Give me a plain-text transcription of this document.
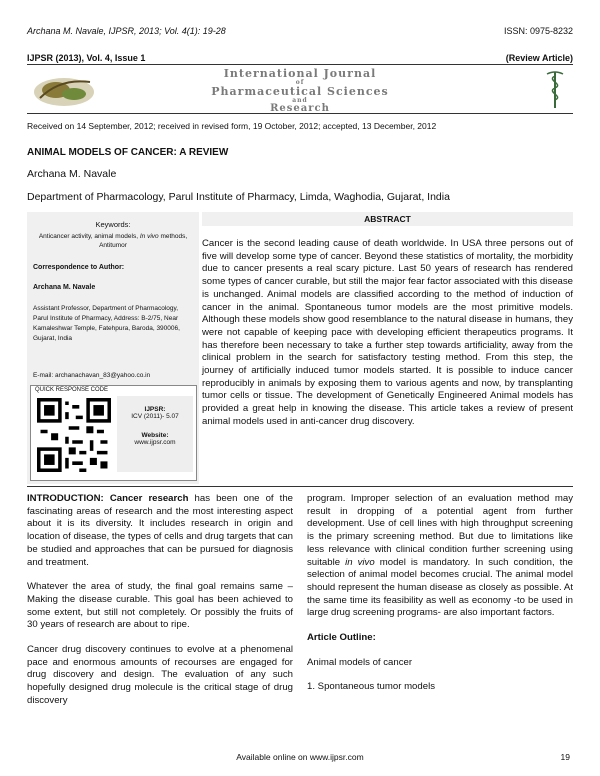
Archana M. Navale, IJPSR, 2013; Vol. 4(1): 19-28	ISSN: 0975-8232
IJPSR (2013), Vol. 4, Issue 1	(Review Article)
International Journal
of
Pharmaceutical Sciences
and
Research
Received on 14 September, 2012; received in revised form, 19 October, 2012; accepted, 13 December, 2012
ANIMAL MODELS OF CANCER: A REVIEW
Archana M. Navale
Department of Pharmacology, Parul Institute of Pharmacy, Limda, Waghodia, Gujarat, India
Keywords:
Anticancer activity, animal models, In vivo methods, Antitumor
Correspondence to Author:
Archana M. Navale
Assistant Professor, Department of Pharmacology, Parul Institute of Pharmacy, Address: B-2/75, Near Kamaleshwar Temple, Fatehpura, Baroda, 390006, Gujarat, India
E-mail: archanachavan_83@yahoo.co.in
QUICK RESPONSE CODE
IJPSR:
ICV (2011)- 5.07
Website:
www.ijpsr.com
ABSTRACT
Cancer is the second leading cause of death worldwide. In USA three persons out of five will develop some type of cancer. Beyond these statistics of mortality, the morbidity due to cancer presents a real scary picture. Last 50 years of research has rendered some types of cancer curable, but still the major fear factor associated with this disease is unchanged. Animal models are classified according to the method of induction of cancer in the animal. Spontaneous tumor models are the most primitive models. Although these models show good resemblance to the natural disease in humans, they were not capable of keeping pace with developing efficient therapeutics programs. It has therefore been necessary to take a further step towards artificiality, away from the clinical problem in the search for satisfactory testing method. From this step, the journey of artificially induced tumor models started. It is possible to induce cancer reproducibly in animals by exposing them to various agents and now, by transplanting tumor cells or tissue. The development of Genetically Engineered Animal models has provided a great help in knowing the disease. This article takes a review of present animal models used in anti-cancer drug discovery.

INTRODUCTION: Cancer research has been one of the fascinating areas of research and the most interesting aspect about it is its diversity. It includes research in origin and location of disease, the types of cells and drug targets that can be studied and approaches that can be pursued for diagnosis and treatment.

Whatever the area of study, the final goal remains same – Making the disease curable. This goal has been achieved to some extent, but still not completely. Or possibly the fruits of 30 years of research are about to ripe.

Cancer drug discovery continues to evolve at a phenomenal pace and enormous amounts of recourses are engaged for drug discovery and design. The evaluation of any such hopefully designed drug molecule is the critical stage of drug discovery

program. Improper selection of an evaluation method may result in dropping of a potential agent from further development. Use of cell lines with high throughput screening is the primary screening method. But due to limitations like less relevance with clinical condition further screening using suitable in vivo model is mandatory. In such condition, the selection of animal model becomes crucial. The animal model should represent the human disease as closely as possible. At the same time its feasibility as well as economy -to be used in large drug screening programs- are also important factors.

Article Outline:

Animal models of cancer

1. Spontaneous tumor models

Available online on www.ijpsr.com	19
